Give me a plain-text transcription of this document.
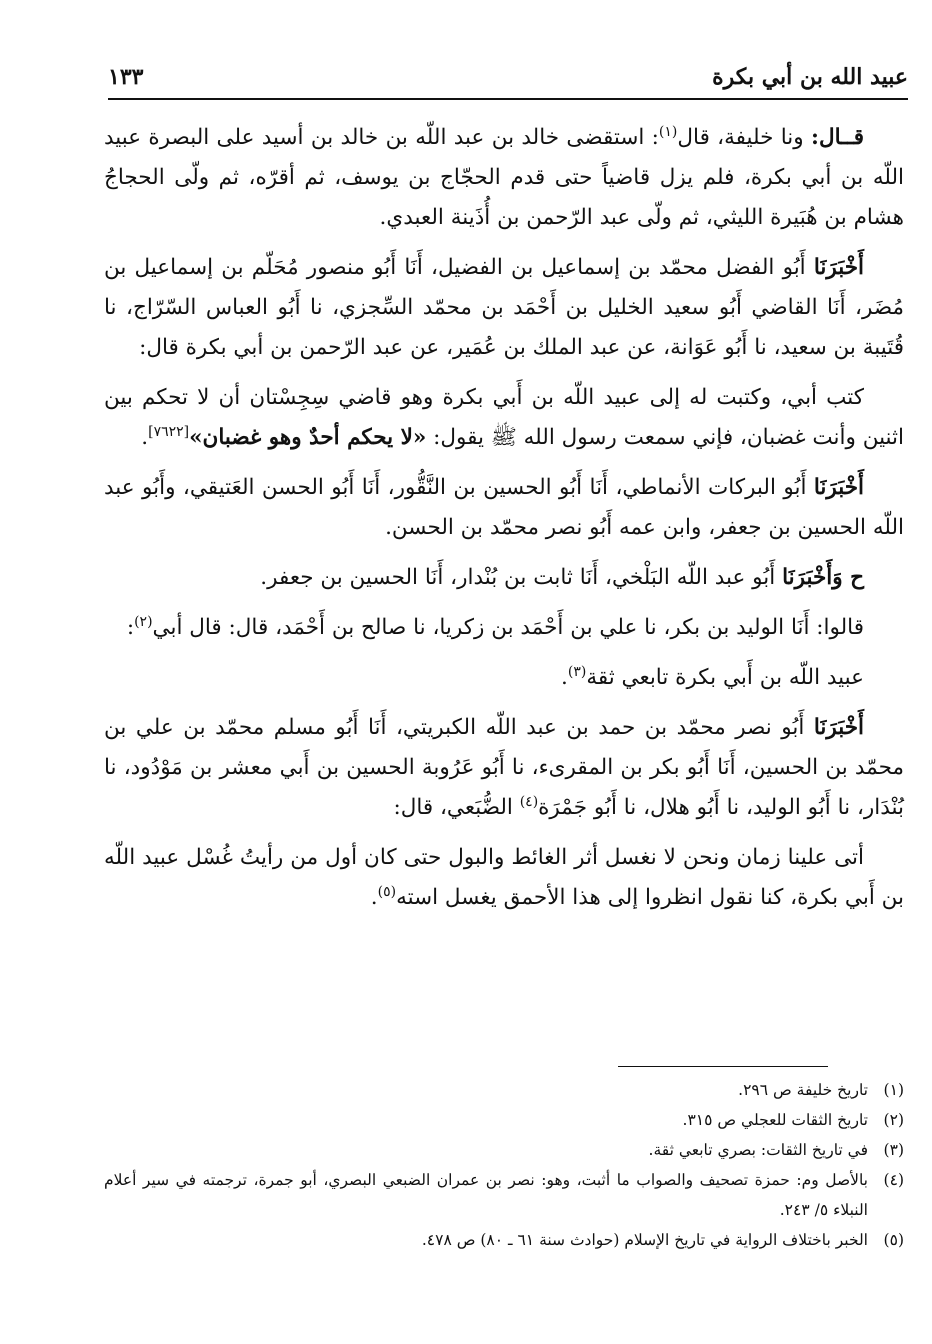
عبيد الله بن أبي بكرة
١٣٣

قــال: ونا خليفة، قال$^{(١)}$: استقضى خالد بن عبد اللّه بن خالد بن أسيد على البصرة عبيد اللّه بن أبي بكرة، فلم يزل قاضياً حتى قدم الحجّاج بن يوسف، ثم أقرّه، ثم ولّى الحجاجُ هشام بن هُبَيرة الليثي، ثم ولّى عبد الرّحمن بن أُذَينة العبدي.

أَخْبَرَنَا أَبُو الفضل محمّد بن إسماعيل بن الفضيل، أَنَا أَبُو منصور مُحَلّم بن إسماعيل بن مُضَر، أَنَا القاضي أَبُو سعيد الخليل بن أَحْمَد بن محمّد السِّجزي، نا أَبُو العباس السّرّاج، نا قُتَيبة بن سعيد، نا أَبُو عَوَانة، عن عبد الملك بن عُمَير، عن عبد الرّحمن بن أبي بكرة قال:

كتب أبي، وكتبت له إلى عبيد اللّه بن أَبي بكرة وهو قاضي سِجِسْتان أن لا تحكم بين اثنين وأنت غضبان، فإني سمعت رسول الله ﷺ يقول: «لا يحكم أحدٌ وهو غضبان»[٧٦٢٢].

أَخْبَرَنَا أَبُو البركات الأنماطي، أَنَا أَبُو الحسين بن النَّقُّور، أَنَا أَبُو الحسن العَتيقي، وأَبُو عبد اللّه الحسين بن جعفر، وابن عمه أَبُو نصر محمّد بن الحسن.

ح وَأَخْبَرَنَا أَبُو عبد اللّه البَلْخي، أَنَا ثابت بن بُنْدار، أَنَا الحسين بن جعفر.

قالوا: أَنَا الوليد بن بكر، نا علي بن أَحْمَد بن زكريا، نا صالح بن أَحْمَد، قال: قال أبي$^{(٢)}$:

عبيد اللّه بن أَبي بكرة تابعي ثقة$^{(٣)}$.

أَخْبَرَنَا أَبُو نصر محمّد بن حمد بن عبد اللّه الكبريتي، أَنَا أَبُو مسلم محمّد بن علي بن محمّد بن الحسين، أَنَا أَبُو بكر بن المقرىء، نا أَبُو عَرُوبة الحسين بن أَبي معشر بن مَوْدُود، نا بُنْدَار، نا أَبُو الوليد، نا أَبُو هلال، نا أَبُو جَمْرَة$^{(٤)}$ الضُّبَعي، قال:

أتى علينا زمان ونحن لا نغسل أثر الغائط والبول حتى كان أول من رأيتُ غُسْل عبيد اللّه بن أَبي بكرة، كنا نقول انظروا إلى هذا الأحمق يغسل استه$^{(٥)}$.

(١)
تاريخ خليفة ص ٢٩٦.
(٢)
تاريخ الثقات للعجلي ص ٣١٥.
(٣)
في تاريخ الثقات: بصري تابعي ثقة.
(٤)
بالأصل وم: حمزة تصحيف والصواب ما أثبت، وهو: نصر بن عمران الضبعي البصري، أبو جمرة، ترجمته في سير أعلام النبلاء ٥/ ٢٤٣.
(٥)
الخبر باختلاف الرواية في تاريخ الإسلام (حوادث سنة ٦١ ـ ٨٠) ص ٤٧٨.
